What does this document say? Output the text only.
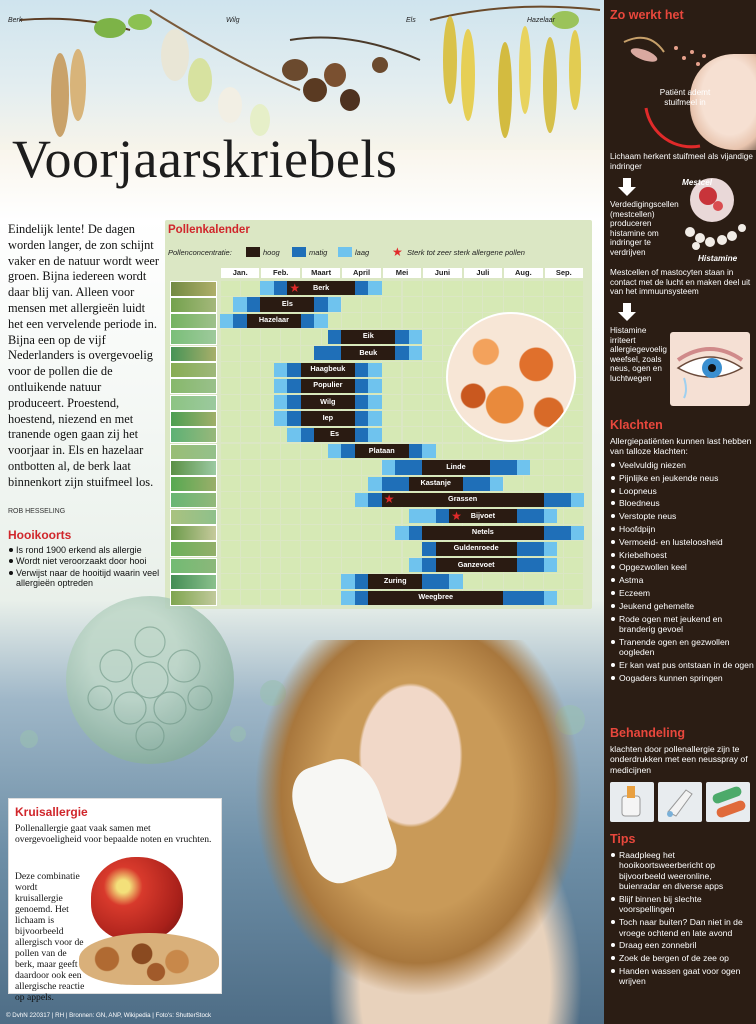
Berk	Wilg	Els	Hazelaar
Voorjaarskriebels
Eindelijk lente! De dagen worden langer, de zon schijnt vaker en de natuur wordt weer groen. Bijna iedereen wordt daar blij van. Alleen voor mensen met allergieën luidt het een vervelende periode in. Bijna een op de vijf Nederlanders is overgevoelig voor de pollen die de ontluikende natuur produceert. Proestend, hoestend, niezend en met tranende ogen gaan zij het voorjaar in. Els en hazelaar ontbotten al, de berk laat binnenkort zijn stuifmeel los.
ROB HESSELING
Hooikoorts
Is rond 1900 erkend als allergie
Wordt niet veroorzaakt door hooi
Verwijst naar de hooitijd waarin veel allergieën optreden
Pollenkalender
Pollenconcentratie:	hoog	matig	laag ★ Sterk tot zeer sterk allergene pollen
Kruisallergie
Pollenallergie gaat vaak samen met overgevoeligheid voor bepaalde noten en vruchten.
Deze combinatie wordt kruisallergie genoemd. Het lichaam is bijvoorbeeld allergisch voor de pollen van de berk, maar geeft daardoor ook een allergische reactie op appels.
Zo werkt het
Patiënt ademt stuifmeel in
Lichaam herkent stuifmeel als vijandige indringer
Mestcel
Verdedigingscellen (mestcellen) produceren histamine om indringer te verdrijven
Histamine
Mestcellen of mastocyten staan in contact met de lucht en maken deel uit van het immuunsysteem
Histamine irriteert allergiegevoelig weefsel, zoals neus, ogen en luchtwegen
Klachten
Allergiepatiënten kunnen last hebben van talloze klachten:
Veelvuldig niezen
Pijnlijke en jeukende neus
Loopneus
Bloedneus
Verstopte neus
Hoofdpijn
Vermoeid- en lusteloosheid
Kriebelhoest
Opgezwollen keel
Astma
Eczeem
Jeukend gehemelte
Rode ogen met jeukend en branderig gevoel
Tranende ogen en gezwollen oogleden
Er kan wat pus ontstaan in de ogen
Oogaders kunnen springen
Behandeling
klachten door pollenallergie zijn te onderdrukken met een neusspray of medicijnen
Tips
Raadpleeg het hooikoortsweerbericht op bijvoorbeeld weeronline, buienradar en diverse apps
Blijf binnen bij slechte voorspellingen
Toch naar buiten? Dan niet in de vroege ochtend en late avond
Draag een zonnebril
Zoek de bergen of de zee op
Handen wassen gaat voor ogen wrijven
© DvhN 220317 | RH | Bronnen: GN, ANP, Wikipedia | Foto's: ShutterStock
Jan.	Feb.	Maart	April	Mei	Juni	Juli	Aug.	Sep.
Berk
★
Els
Hazelaar
Eik
Beuk
Haagbeuk
Populier
Wilg
Iep
Es
Plataan
Linde
Kastanje
Grassen
★
Bijvoet
★
Netels
Guldenroede
Ganzevoet
Zuring
Weegbree
